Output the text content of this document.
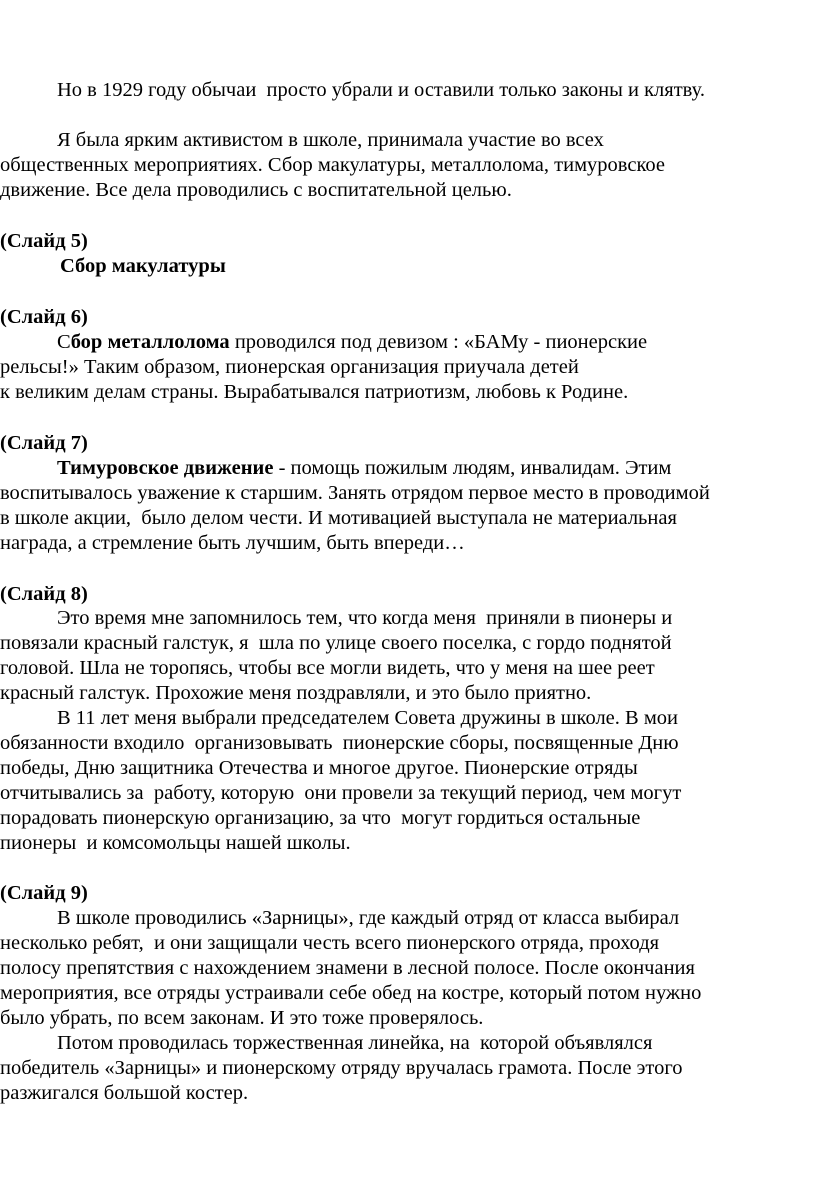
Но в 1929 году обычаи  просто убрали и оставили только законы и клятву.
Я была ярким активистом в школе, принимала участие во всех
общественных мероприятиях. Сбор макулатуры, металлолома, тимуровское
движение. Все дела проводились с воспитательной целью.
(Слайд 5)
Сбор макулатуры
(Слайд 6)
Сбор металлолома проводился под девизом : «БАМу - пионерские
рельсы!» Таким образом, пионерская организация приучала детей
к великим делам страны. Вырабатывался патриотизм, любовь к Родине.
(Слайд 7)
Тимуровское движение - помощь пожилым людям, инвалидам. Этим
воспитывалось уважение к старшим. Занять отрядом первое место в проводимой
в школе акции,  было делом чести. И мотивацией выступала не материальная
награда, а стремление быть лучшим, быть впереди…
(Слайд 8)
Это время мне запомнилось тем, что когда меня  приняли в пионеры и
повязали красный галстук, я  шла по улице своего поселка, с гордо поднятой
головой. Шла не торопясь, чтобы все могли видеть, что у меня на шее реет
красный галстук. Прохожие меня поздравляли, и это было приятно.
В 11 лет меня выбрали председателем Совета дружины в школе. В мои
обязанности входило  организовывать  пионерские сборы, посвященные Дню
победы, Дню защитника Отечества и многое другое. Пионерские отряды
отчитывались за  работу, которую  они провели за текущий период, чем могут
порадовать пионерскую организацию, за что  могут гордиться остальные
пионеры  и комсомольцы нашей школы.
(Слайд 9)
В школе проводились «Зарницы», где каждый отряд от класса выбирал
несколько ребят,  и они защищали честь всего пионерского отряда, проходя
полосу препятствия с нахождением знамени в лесной полосе. После окончания
мероприятия, все отряды устраивали себе обед на костре, который потом нужно
было убрать, по всем законам. И это тоже проверялось.
Потом проводилась торжественная линейка, на  которой объявлялся
победитель «Зарницы» и пионерскому отряду вручалась грамота. После этого
разжигался большой костер.
